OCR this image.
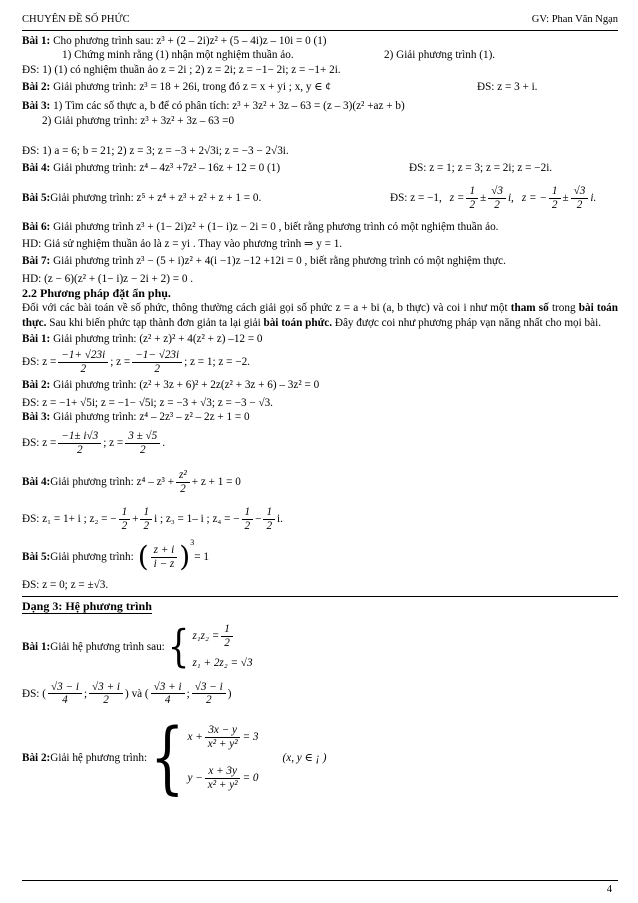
CHUYÊN ĐỀ SỐ PHỨC	GV: Phan Văn Ngạn
Bài 1: Cho phương trình sau: z³ + (2 – 2i)z² + (5 – 4i)z – 10i = 0 (1)
1) Chứng minh rằng (1) nhận một nghiệm thuần ảo.	2) Giải phương trình (1).
ĐS: 1) (1) có nghiệm thuần ảo z = 2i ; 2) z = 2i; z = −1− 2i; z = −1+ 2i.
Bài 2: Giải phương trình: z³ = 18 + 26i, trong đó z = x + yi ; x, y ∈ ¢	ĐS: z = 3 + i.
Bài 3: 1) Tìm các số thực a, b để có phân tích: z³ + 3z² + 3z – 63 = (z – 3)(z² +az + b)
2) Giải phương trình: z³ + 3z² + 3z – 63 =0
ĐS: 1) a = 6; b = 21; 2) z = 3; z = −3 + 2√3i; z = −3 − 2√3i.
Bài 4: Giải phương trình: z⁴ – 4z³ +7z² – 16z + 12 = 0 (1)	ĐS: z = 1; z = 3; z = 2i; z = −2i.
Bài 5: Giải phương trình: z⁵ + z⁴ + z³ + z² + z + 1 = 0.	ĐS: z = −1, $z = \frac{1}{2} \pm \frac{√3}{2} i$, z = − $\frac{1}{2} \pm \frac{√3}{2} i$.
Bài 6: Giải phương trình z³ + (1− 2i)z² + (1− i)z − 2i = 0 , biết rằng phương trình có một nghiệm thuần ảo.
HD: Giả sử nghiệm thuần ảo là z = yi . Thay vào phương trình ⇒ y = 1.
Bài 7: Giải phương trình z³ − (5 + i)z² + 4(i −1)z −12 +12i = 0 , biết rằng phương trình có một nghiệm thực.
HD: (z − 6)(z² + (1− i)z − 2i + 2) = 0 .
2.2 Phương pháp đặt ẩn phụ.
Đối với các bài toán về số phức, thông thường cách giải gọi số phức z = a + bi (a, b thực) và coi i như một tham số trong bài toán thực. Sau khi biến phức tạp thành đơn giản ta lại giải bài toán phức. Đây được coi như phương pháp vạn năng nhất cho mọi bài.
Bài 1: Giải phương trình: (z² + z)² + 4(z² + z) –12 = 0
ĐS: $z = \frac{-1+ √23i}{2}$ ; $z = \frac{-1- √23i}{2}$ ; z = 1; z = −2.
Bài 2: Giải phương trình: (z² + 3z + 6)² + 2z(z² + 3z + 6) – 3z² = 0
ĐS: z = −1+ √5i; z = −1− √5i; z = −3 + √3; z = −3 − √3.
Bài 3: Giải phương trình: z⁴ – 2z³ – z² – 2z + 1 = 0
ĐS: $z = \frac{-1\pm i√3}{2}$ ; $z = \frac{3 \pm √5}{2}$ .
Bài 4: Giải phương trình: $z^4 - z^3 + \frac{\text{z²}}{2} + z + 1 = 0$
ĐS: z₁ = 1+ i ; z₂ = − $\frac{1}{2} + \frac{1}{2}$ i ; z₃ = 1– i ; z₄ = − $\frac{1}{2} - \frac{1}{2} i$.
Bài 5: Giải phương trình: ( $\frac{z + i}{i - z}$ ) 3
= 1
ĐS: z = 0; z = ±√3.
Dạng 3: Hệ phương trình
Bài 1: Giải hệ phương trình sau: { $z_1z_2 = \frac{1}{2}$
z₁ + 2z₂ = √3
ĐS: ( $\frac{√3 - i}{4}$ ; $\frac{√3 + i}{2}$ ) và ( $\frac{√3 + i}{4}$ ; $\frac{√3 - i}{2}$ )
Bài 2: Giải hệ phương trình: { $x + \frac{3x - y}{\text{x² + y²}} = 3$
$y - \frac{x + 3y}{\text{x² + y²}} = 0$
(x, y ∈ ¡ )
4
